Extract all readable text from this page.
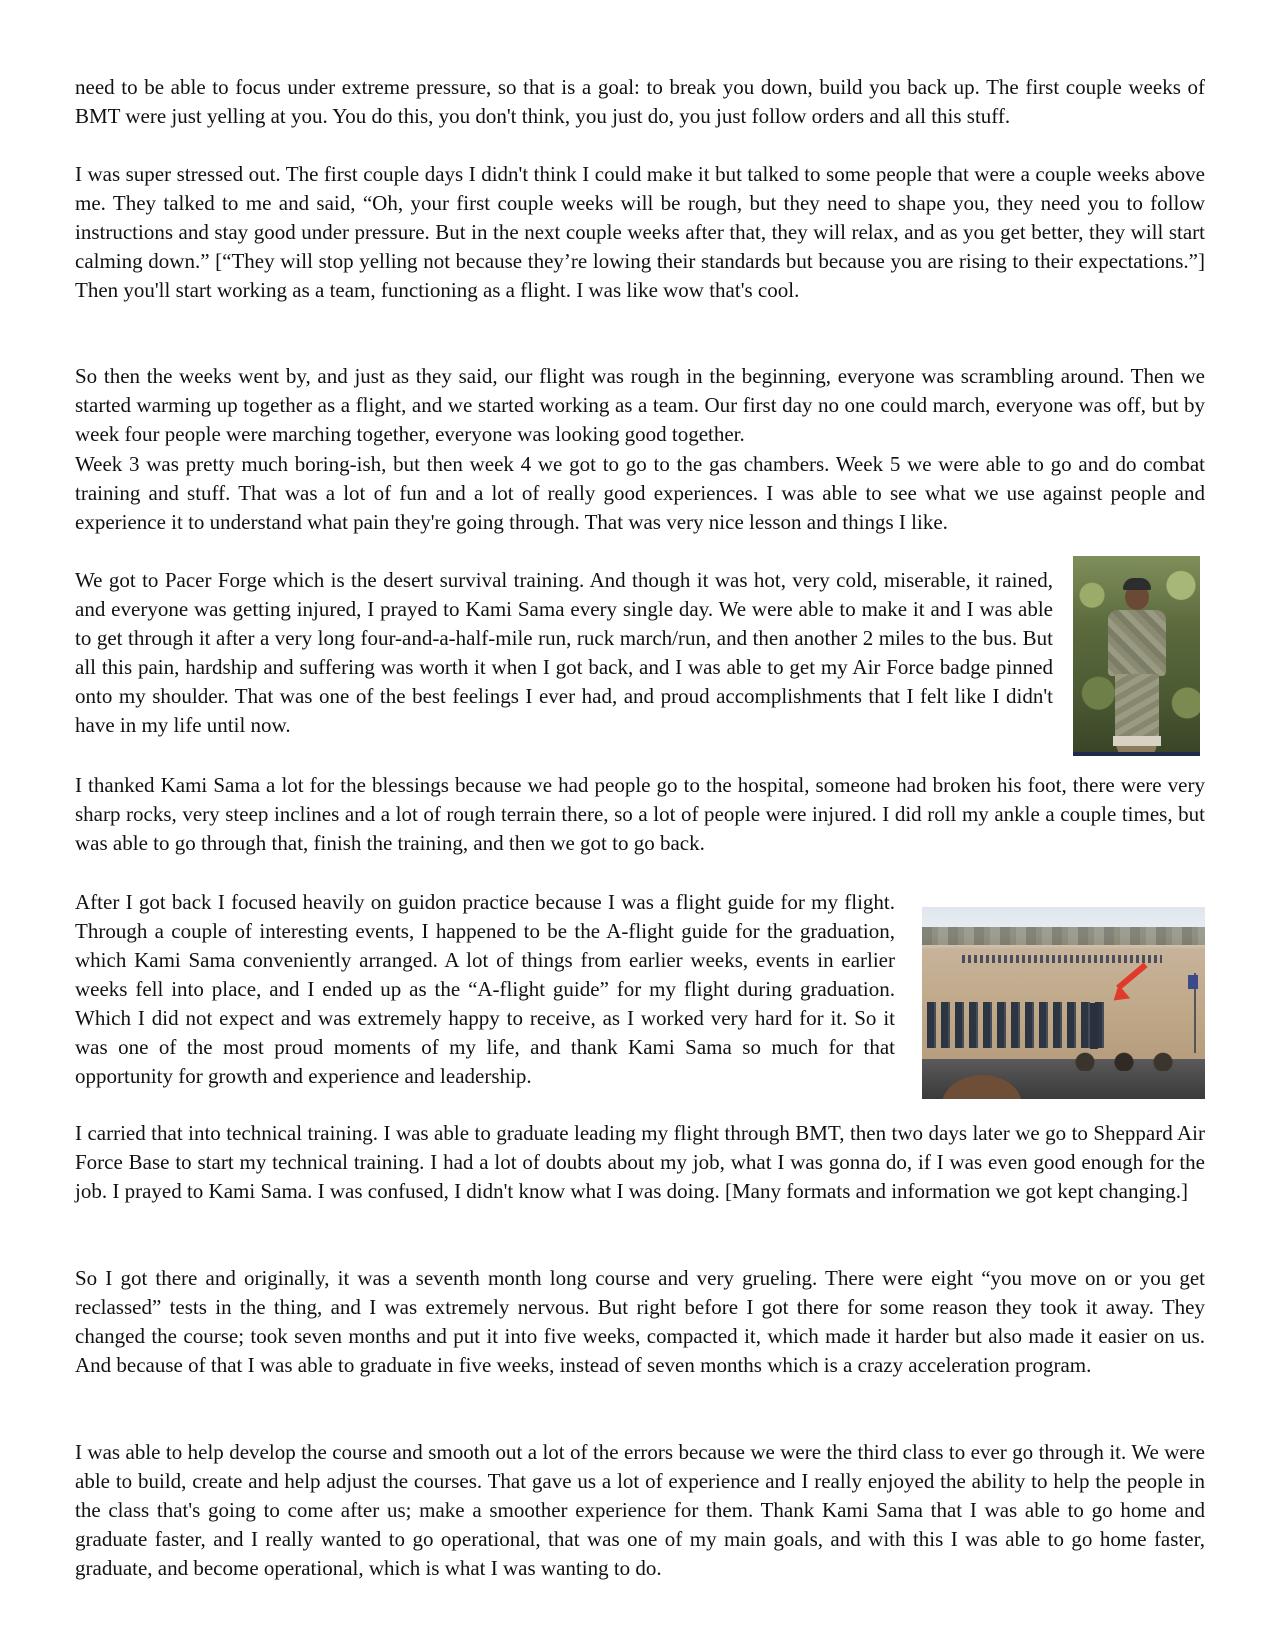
need to be able to focus under extreme pressure, so that is a goal: to break you down, build you back up. The first couple weeks of BMT were just yelling at you. You do this, you don't think, you just do, you just follow orders and all this stuff.

I was super stressed out. The first couple days I didn't think I could make it but talked to some people that were a couple weeks above me. They talked to me and said, “Oh, your first couple weeks will be rough, but they need to shape you, they need you to follow instructions and stay good under pressure. But in the next couple weeks after that, they will relax, and as you get better, they will start calming down.” [“They will stop yelling not because they’re lowing their standards but because you are rising to their expectations.”] Then you'll start working as a team, functioning as a flight. I was like wow that's cool.

So then the weeks went by, and just as they said, our flight was rough in the beginning, everyone was scrambling around. Then we started warming up together as a flight, and we started working as a team. Our first day no one could march, everyone was off, but by week four people were marching together, everyone was looking good together.

Week 3 was pretty much boring-ish, but then week 4 we got to go to the gas chambers. Week 5 we were able to go and do combat training and stuff. That was a lot of fun and a lot of really good experiences. I was able to see what we use against people and experience it to understand what pain they're going through. That was very nice lesson and things I like.

We got to Pacer Forge which is the desert survival training. And though it was hot, very cold, miserable, it rained, and everyone was getting injured, I prayed to Kami Sama every single day. We were able to make it and I was able to get through it after a very long four-and-a-half-mile run, ruck march/run, and then another 2 miles to the bus. But all this pain, hardship and suffering was worth it when I got back, and I was able to get my Air Force badge pinned onto my shoulder. That was one of the best feelings I ever had, and proud accomplishments that I felt like I didn't have in my life until now.

I thanked Kami Sama a lot for the blessings because we had people go to the hospital, someone had broken his foot, there were very sharp rocks, very steep inclines and a lot of rough terrain there, so a lot of people were injured. I did roll my ankle a couple times, but was able to go through that, finish the training, and then we got to go back.

After I got back I focused heavily on guidon practice because I was a flight guide for my flight. Through a couple of interesting events, I happened to be the A-flight guide for the graduation, which Kami Sama conveniently arranged. A lot of things from earlier weeks, events in earlier weeks fell into place, and I ended up as the “A-flight guide” for my flight during graduation. Which I did not expect and was extremely happy to receive, as I worked very hard for it. So it was one of the most proud moments of my life, and thank Kami Sama so much for that opportunity for growth and experience and leadership.

I carried that into technical training. I was able to graduate leading my flight through BMT, then two days later we go to Sheppard Air Force Base to start my technical training. I had a lot of doubts about my job, what I was gonna do, if I was even good enough for the job. I prayed to Kami Sama. I was confused, I didn't know what I was doing. [Many formats and information we got kept changing.]

So I got there and originally, it was a seventh month long course and very grueling. There were eight “you move on or you get reclassed” tests in the thing, and I was extremely nervous. But right before I got there for some reason they took it away. They changed the course; took seven months and put it into five weeks, compacted it, which made it harder but also made it easier on us. And because of that I was able to graduate in five weeks, instead of seven months which is a crazy acceleration program.

I was able to help develop the course and smooth out a lot of the errors because we were the third class to ever go through it. We were able to build, create and help adjust the courses. That gave us a lot of experience and I really enjoyed the ability to help the people in the class that's going to come after us; make a smoother experience for them. Thank Kami Sama that I was able to go home and graduate faster, and I really wanted to go operational, that was one of my main goals, and with this I was able to go home faster, graduate, and become operational, which is what I was wanting to do.
